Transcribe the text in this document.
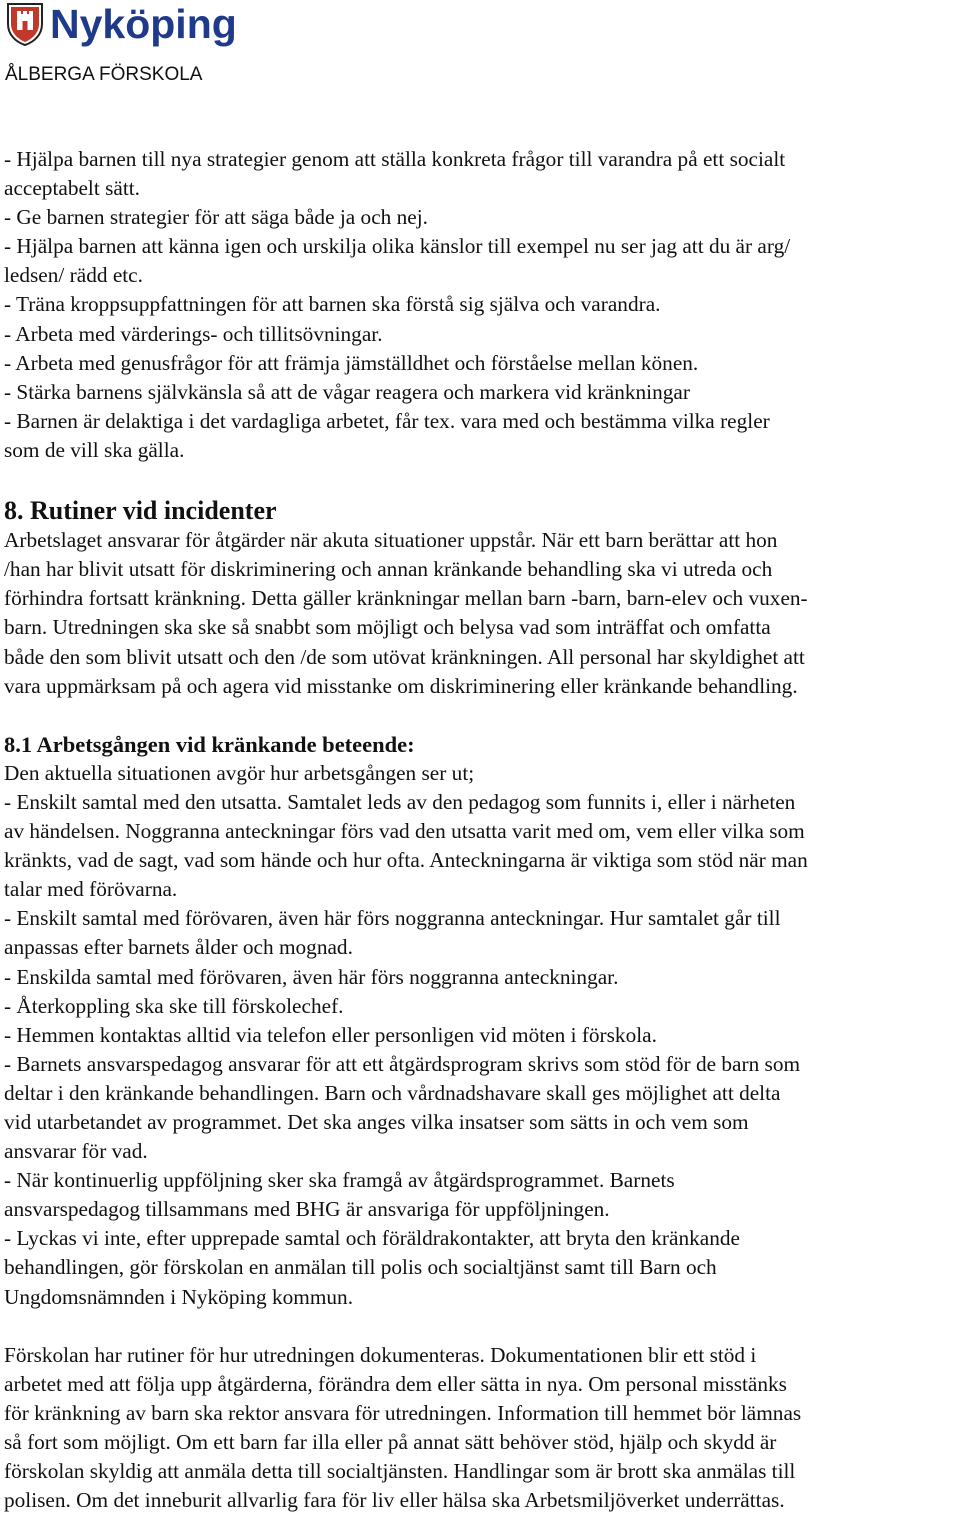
Nyköping
ÅLBERGA FÖRSKOLA
- Hjälpa barnen till nya strategier genom att ställa konkreta frågor till varandra på ett socialt
acceptabelt sätt.
- Ge barnen strategier för att säga både ja och nej.
- Hjälpa barnen att känna igen och urskilja olika känslor till exempel nu ser jag att du är arg/
ledsen/ rädd etc.
- Träna kroppsuppfattningen för att barnen ska förstå sig själva och varandra.
- Arbeta med värderings- och tillitsövningar.
- Arbeta med genusfrågor för att främja jämställdhet och förståelse mellan könen.
- Stärka barnens självkänsla så att de vågar reagera och markera vid kränkningar
- Barnen är delaktiga i det vardagliga arbetet, får tex. vara med och bestämma vilka regler
som de vill ska gälla.
8. Rutiner vid incidenter
Arbetslaget ansvarar för åtgärder när akuta situationer uppstår. När ett barn berättar att hon
/han har blivit utsatt för diskriminering och annan kränkande behandling ska vi utreda och
förhindra fortsatt kränkning. Detta gäller kränkningar mellan barn -barn, barn-elev och vuxen-
barn. Utredningen ska ske så snabbt som möjligt och belysa vad som inträffat och omfatta
både den som blivit utsatt och den /de som utövat kränkningen. All personal har skyldighet att
vara uppmärksam på och agera vid misstanke om diskriminering eller kränkande behandling.
8.1 Arbetsgången vid kränkande beteende:
Den aktuella situationen avgör hur arbetsgången ser ut;
- Enskilt samtal med den utsatta. Samtalet leds av den pedagog som funnits i, eller i närheten
av händelsen. Noggranna anteckningar förs vad den utsatta varit med om, vem eller vilka som
kränkts, vad de sagt, vad som hände och hur ofta. Anteckningarna är viktiga som stöd när man
talar med förövarna.
- Enskilt samtal med förövaren, även här förs noggranna anteckningar. Hur samtalet går till
anpassas efter barnets ålder och mognad.
- Enskilda samtal med förövaren, även här förs noggranna anteckningar.
- Återkoppling ska ske till förskolechef.
- Hemmen kontaktas alltid via telefon eller personligen vid möten i förskola.
- Barnets ansvarspedagog ansvarar för att ett åtgärdsprogram skrivs som stöd för de barn som
deltar i den kränkande behandlingen. Barn och vårdnadshavare skall ges möjlighet att delta
vid utarbetandet av programmet. Det ska anges vilka insatser som sätts in och vem som
ansvarar för vad.
- När kontinuerlig uppföljning sker ska framgå av åtgärdsprogrammet. Barnets
ansvarspedagog tillsammans med BHG är ansvariga för uppföljningen.
- Lyckas vi inte, efter upprepade samtal och föräldrakontakter, att bryta den kränkande
behandlingen, gör förskolan en anmälan till polis och socialtjänst samt till Barn och
Ungdomsnämnden i Nyköping kommun.
Förskolan har rutiner för hur utredningen dokumenteras. Dokumentationen blir ett stöd i
arbetet med att följa upp åtgärderna, förändra dem eller sätta in nya. Om personal misstänks
för kränkning av barn ska rektor ansvara för utredningen. Information till hemmet bör lämnas
så fort som möjligt. Om ett barn far illa eller på annat sätt behöver stöd, hjälp och skydd är
förskolan skyldig att anmäla detta till socialtjänsten. Handlingar som är brott ska anmälas till
polisen. Om det inneburit allvarlig fara för liv eller hälsa ska Arbetsmiljöverket underrättas.
